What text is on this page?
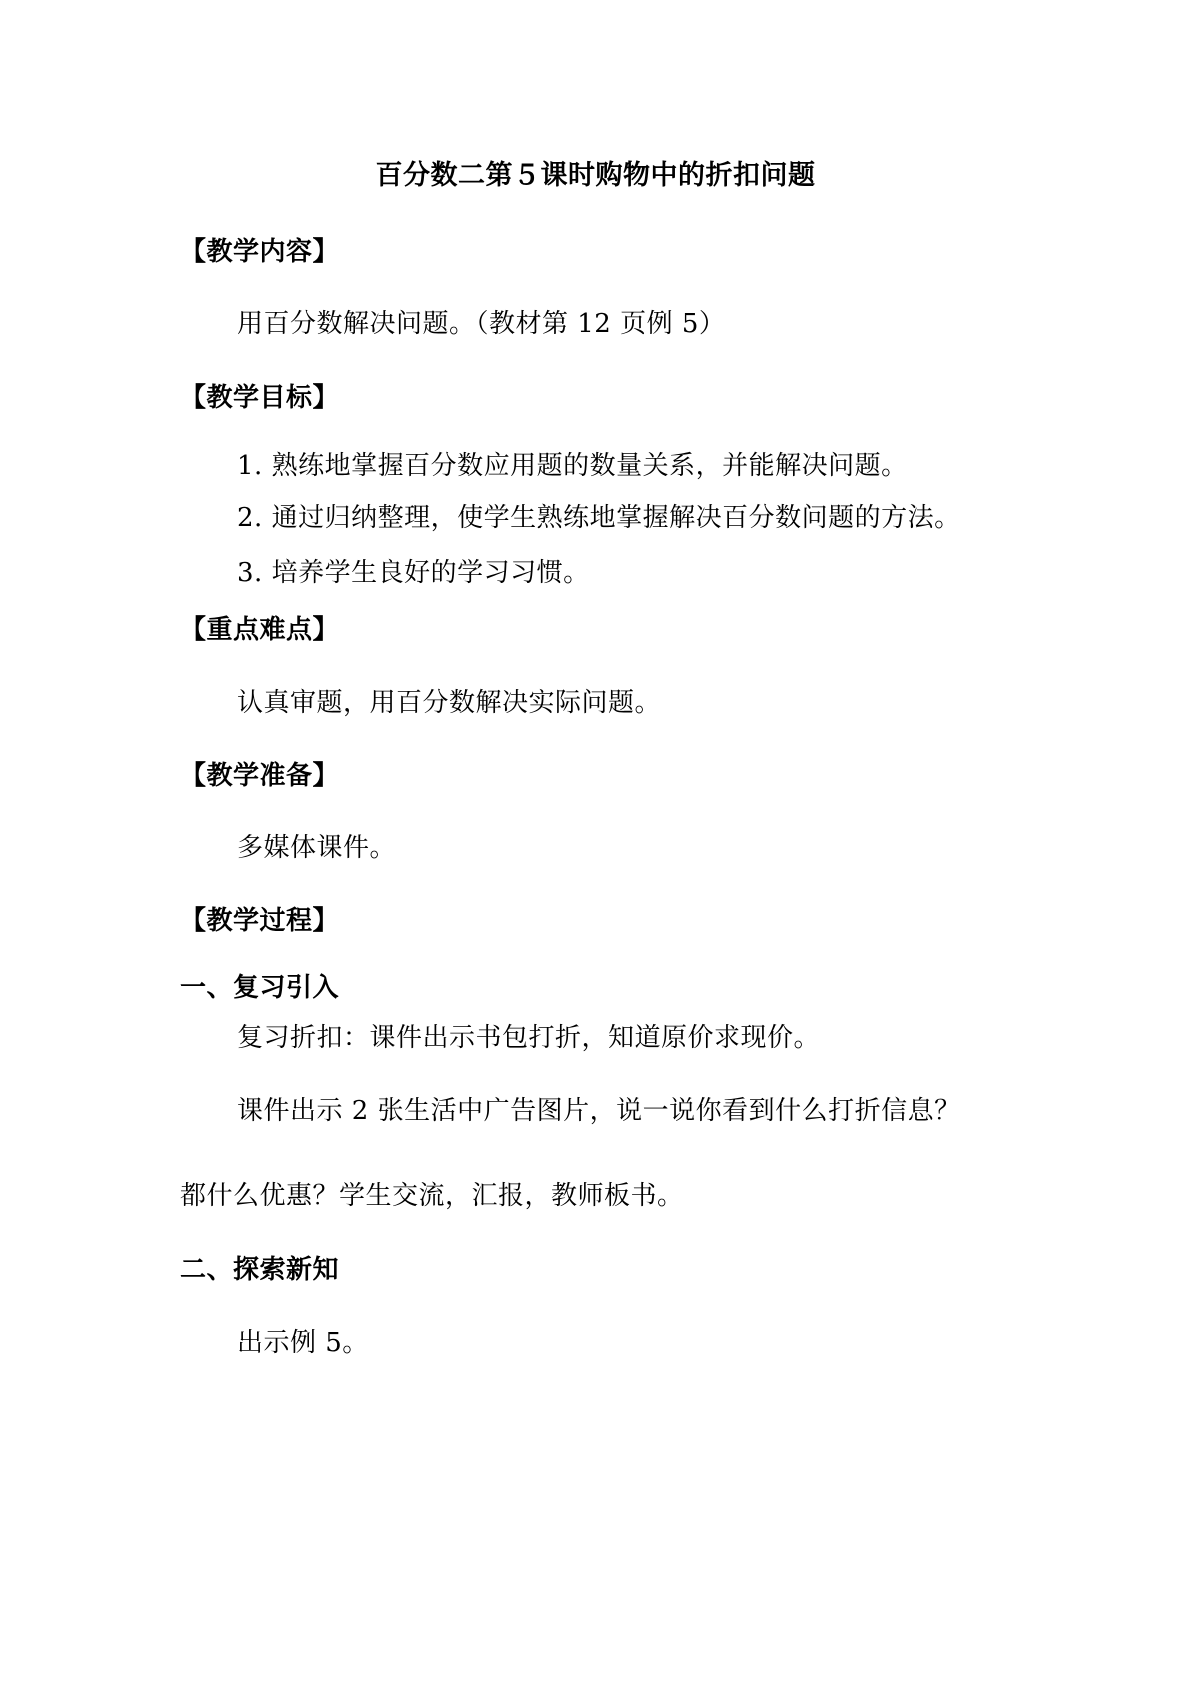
百分数二第５课时购物中的折扣问题
【教学内容】
用百分数解决问题。（教材第 12 页例 5）
【教学目标】
1. 熟练地掌握百分数应用题的数量关系，并能解决问题。
2. 通过归纳整理，使学生熟练地掌握解决百分数问题的方法。
3. 培养学生良好的学习习惯。
【重点难点】
认真审题，用百分数解决实际问题。
【教学准备】
多媒体课件。
【教学过程】
一、复习引入
复习折扣：课件出示书包打折，知道原价求现价。
课件出示 2 张生活中广告图片，说一说你看到什么打折信息？
都什么优惠？学生交流，汇报，教师板书。
二、探索新知
出示例 5。
